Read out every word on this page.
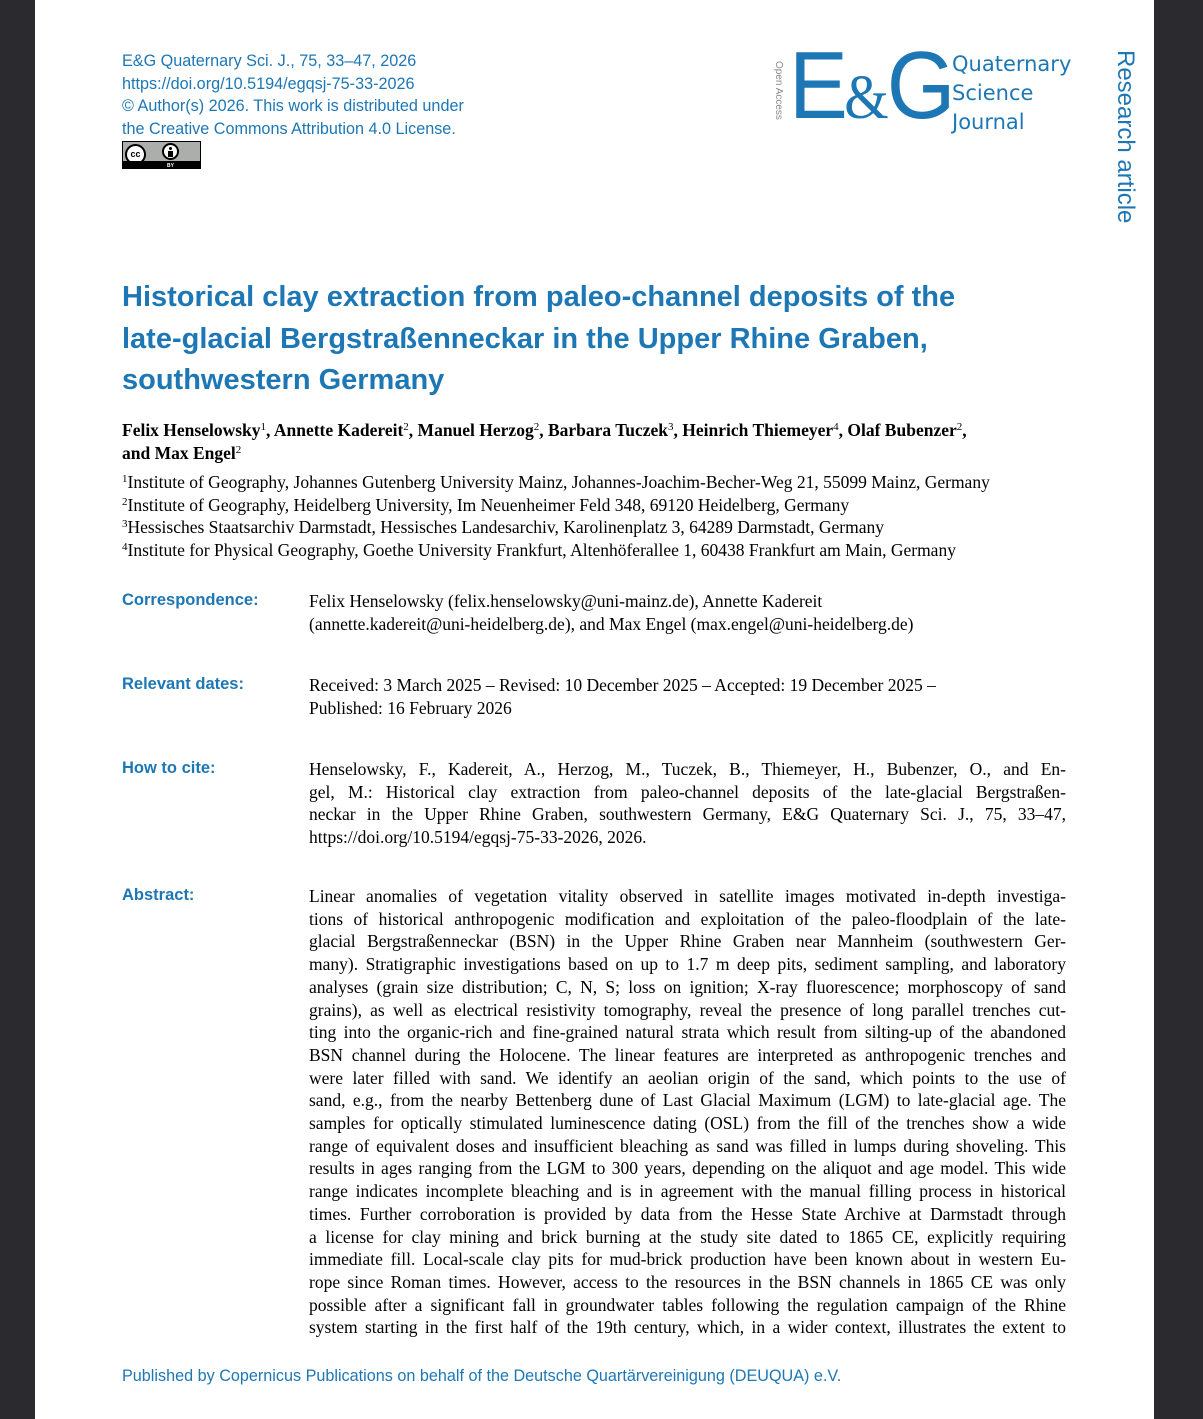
E&G Quaternary Sci. J., 75, 33–47, 2026
https://doi.org/10.5194/egqsj-75-33-2026
© Author(s) 2026. This work is distributed under
the Creative Commons Attribution 4.0 License.
cc
BY
Open Access E&G Quaternary
Science
Journal	Research article
Historical clay extraction from paleo-channel deposits of the
late-glacial Bergstraßenneckar in the Upper Rhine Graben,
southwestern Germany
Felix Henselowsky$^1$, Annette Kadereit$^2$, Manuel Herzog$^2$, Barbara Tuczek$^3$, Heinrich Thiemeyer$^4$, Olaf Bubenzer$^2$,
and Max Engel$^2$
$^1$Institute of Geography, Johannes Gutenberg University Mainz, Johannes-Joachim-Becher-Weg 21, 55099 Mainz, Germany
$^2$Institute of Geography, Heidelberg University, Im Neuenheimer Feld 348, 69120 Heidelberg, Germany
$^3$Hessisches Staatsarchiv Darmstadt, Hessisches Landesarchiv, Karolinenplatz 3, 64289 Darmstadt, Germany
$^4$Institute for Physical Geography, Goethe University Frankfurt, Altenhöferallee 1, 60438 Frankfurt am Main, Germany
Correspondence:	Felix Henselowsky (felix.henselowsky@uni-mainz.de), Annette Kadereit
(annette.kadereit@uni-heidelberg.de), and Max Engel (max.engel@uni-heidelberg.de)
Relevant dates:	Received: 3 March 2025 – Revised: 10 December 2025 – Accepted: 19 December 2025 –
Published: 16 February 2026
How to cite:	Henselowsky, F., Kadereit, A., Herzog, M., Tuczek, B., Thiemeyer, H., Bubenzer, O., and En-
gel, M.: Historical clay extraction from paleo-channel deposits of the late-glacial Bergstraßen-
neckar in the Upper Rhine Graben, southwestern Germany, E&G Quaternary Sci. J., 75, 33–47,
https://doi.org/10.5194/egqsj-75-33-2026, 2026.
Abstract:	Linear anomalies of vegetation vitality observed in satellite images motivated in-depth investiga-
tions of historical anthropogenic modification and exploitation of the paleo-floodplain of the late-
glacial Bergstraßenneckar (BSN) in the Upper Rhine Graben near Mannheim (southwestern Ger-
many). Stratigraphic investigations based on up to 1.7 m deep pits, sediment sampling, and laboratory
analyses (grain size distribution; C, N, S; loss on ignition; X-ray fluorescence; morphoscopy of sand
grains), as well as electrical resistivity tomography, reveal the presence of long parallel trenches cut-
ting into the organic-rich and fine-grained natural strata which result from silting-up of the abandoned
BSN channel during the Holocene. The linear features are interpreted as anthropogenic trenches and
were later filled with sand. We identify an aeolian origin of the sand, which points to the use of
sand, e.g., from the nearby Bettenberg dune of Last Glacial Maximum (LGM) to late-glacial age. The
samples for optically stimulated luminescence dating (OSL) from the fill of the trenches show a wide
range of equivalent doses and insufficient bleaching as sand was filled in lumps during shoveling. This
results in ages ranging from the LGM to 300 years, depending on the aliquot and age model. This wide
range indicates incomplete bleaching and is in agreement with the manual filling process in historical
times. Further corroboration is provided by data from the Hesse State Archive at Darmstadt through
a license for clay mining and brick burning at the study site dated to 1865 CE, explicitly requiring
immediate fill. Local-scale clay pits for mud-brick production have been known about in western Eu-
rope since Roman times. However, access to the resources in the BSN channels in 1865 CE was only
possible after a significant fall in groundwater tables following the regulation campaign of the Rhine
system starting in the first half of the 19th century, which, in a wider context, illustrates the extent to
Published by Copernicus Publications on behalf of the Deutsche Quartärvereinigung (DEUQUA) e.V.
